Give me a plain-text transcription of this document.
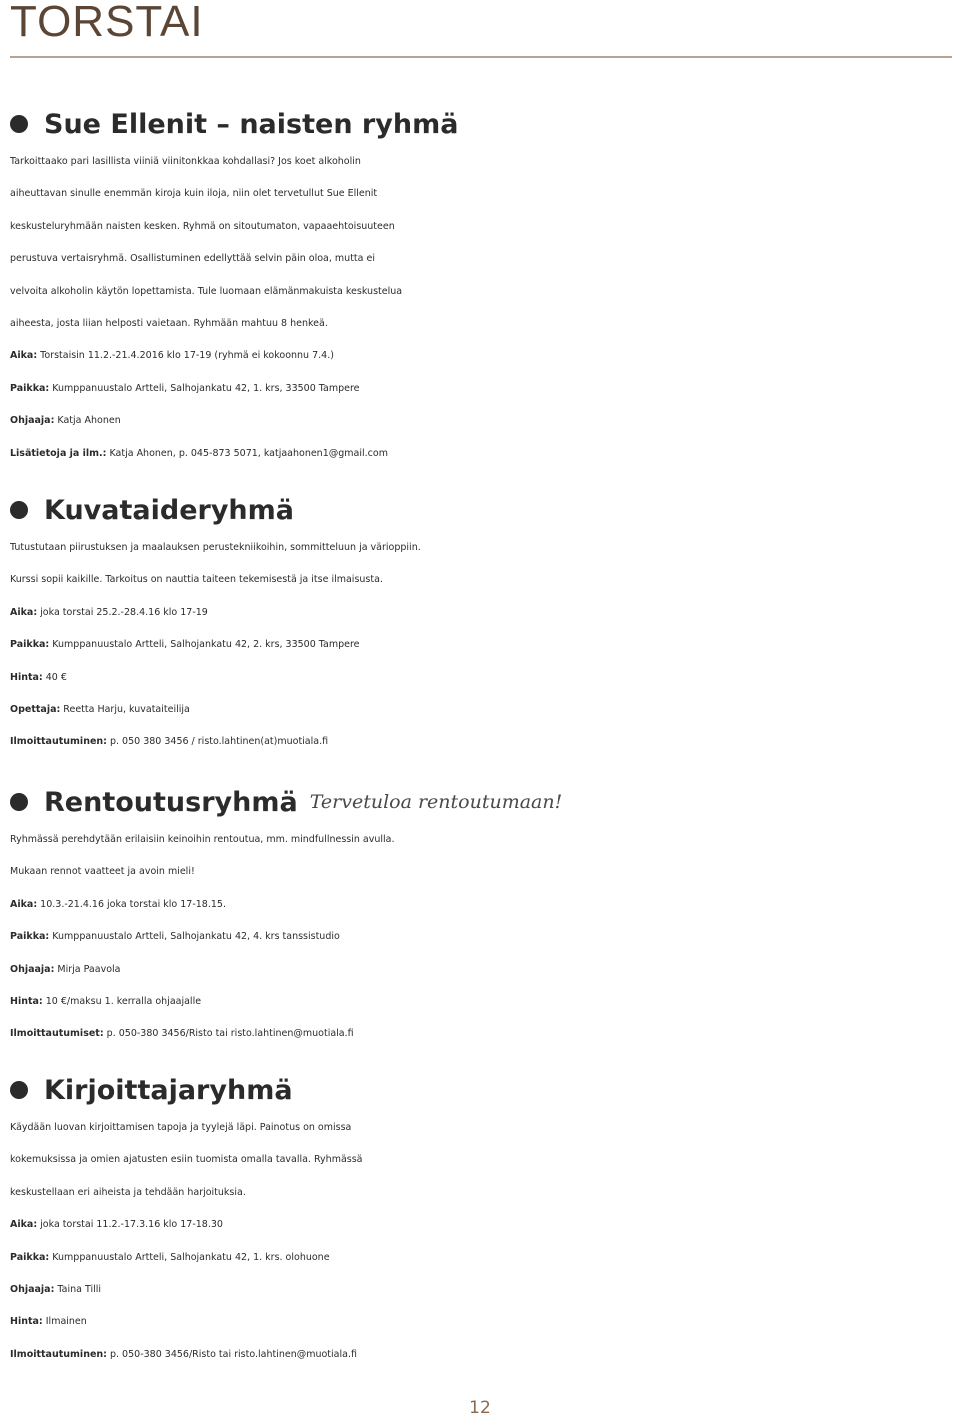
TORSTAI
Sue Ellenit – naisten ryhmä
Tarkoittaako pari lasillista viiniä viinitonkkaa kohdallasi? Jos koet alkoholin
aiheuttavan sinulle enemmän kiroja kuin iloja, niin olet tervetullut Sue Ellenit
keskusteluryhmään naisten kesken. Ryhmä on sitoutumaton, vapaaehtoisuuteen
perustuva vertaisryhmä. Osallistuminen edellyttää selvin päin oloa, mutta ei
velvoita alkoholin käytön lopettamista. Tule luomaan elämänmakuista keskustelua
aiheesta, josta liian helposti vaietaan. Ryhmään mahtuu 8 henkeä.
Aika: Torstaisin 11.2.-21.4.2016 klo 17-19 (ryhmä ei kokoonnu 7.4.)
Paikka: Kumppanuustalo Artteli, Salhojankatu 42, 1. krs, 33500 Tampere
Ohjaaja: Katja Ahonen
Lisätietoja ja ilm.: Katja Ahonen, p. 045-873 5071, katjaahonen1@gmail.com
Kuvataideryhmä
Tutustutaan piirustuksen ja maalauksen perustekniikoihin, sommitteluun ja värioppiin.
Kurssi sopii kaikille. Tarkoitus on nauttia taiteen tekemisestä ja itse ilmaisusta.
Aika: joka torstai 25.2.-28.4.16 klo 17-19
Paikka: Kumppanuustalo Artteli, Salhojankatu 42, 2. krs, 33500 Tampere
Hinta: 40 €
Opettaja: Reetta Harju, kuvataiteilija
Ilmoittautuminen: p. 050 380 3456 / risto.lahtinen(at)muotiala.fi
Rentoutusryhmä Tervetuloa rentoutumaan!
Ryhmässä perehdytään erilaisiin keinoihin rentoutua, mm. mindfullnessin avulla.
Mukaan rennot vaatteet ja avoin mieli!
Aika: 10.3.-21.4.16 joka torstai klo 17-18.15.
Paikka: Kumppanuustalo Artteli, Salhojankatu 42, 4. krs tanssistudio
Ohjaaja: Mirja Paavola
Hinta: 10 €/maksu 1. kerralla ohjaajalle
Ilmoittautumiset: p. 050-380 3456/Risto tai risto.lahtinen@muotiala.fi
Kirjoittajaryhmä
Käydään luovan kirjoittamisen tapoja ja tyylejä läpi. Painotus on omissa
kokemuksissa ja omien ajatusten esiin tuomista omalla tavalla. Ryhmässä
keskustellaan eri aiheista ja tehdään harjoituksia.
Aika: joka torstai 11.2.-17.3.16 klo 17-18.30
Paikka: Kumppanuustalo Artteli, Salhojankatu 42, 1. krs. olohuone
Ohjaaja: Taina Tilli
Hinta: Ilmainen
Ilmoittautuminen: p. 050-380 3456/Risto tai risto.lahtinen@muotiala.fi
12
